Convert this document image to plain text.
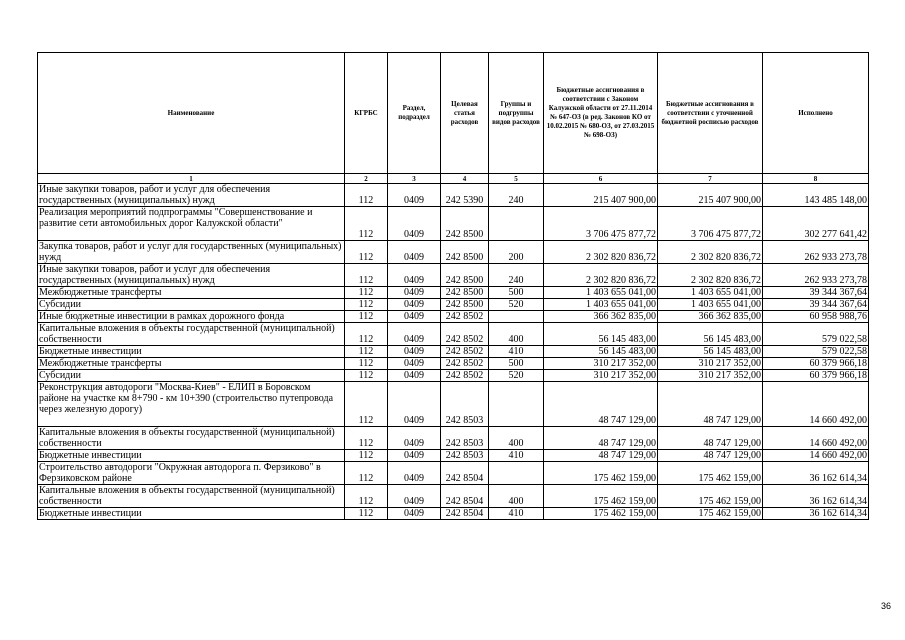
Наименование	КГРБС	Раздел, подраздел	Целевая статья расходов	Группы и подгруппы видов расходов	Бюджетные ассигнования в соответствии с Законом Калужской области от 27.11.2014 № 647-ОЗ (в ред. Законов КО от 10.02.2015 № 680-ОЗ, от 27.03.2015 № 698-ОЗ)	Бюджетные ассигнования в соответствии с уточненной бюджетной росписью расходов	Исполнено
1	2	3	4	5	6	7	8
Иные закупки товаров, работ и услуг для обеспечения государственных (муниципальных) нужд	112	0409	242 5390	240	215 407 900,00	215 407 900,00	143 485 148,00
Реализация мероприятий подпрограммы "Совершенствование и развитие сети автомобильных дорог Калужской области"	112	0409	242 8500		3 706 475 877,72	3 706 475 877,72	302 277 641,42
Закупка товаров, работ и услуг для государственных (муниципальных) нужд	112	0409	242 8500	200	2 302 820 836,72	2 302 820 836,72	262 933 273,78
Иные закупки товаров, работ и услуг для обеспечения государственных (муниципальных) нужд	112	0409	242 8500	240	2 302 820 836,72	2 302 820 836,72	262 933 273,78
Межбюджетные трансферты	112	0409	242 8500	500	1 403 655 041,00	1 403 655 041,00	39 344 367,64
Субсидии	112	0409	242 8500	520	1 403 655 041,00	1 403 655 041,00	39 344 367,64
Иные бюджетные инвестиции в рамках дорожного фонда	112	0409	242 8502		366 362 835,00	366 362 835,00	60 958 988,76
Капитальные вложения в объекты государственной (муниципальной) собственности	112	0409	242 8502	400	56 145 483,00	56 145 483,00	579 022,58
Бюджетные инвестиции	112	0409	242 8502	410	56 145 483,00	56 145 483,00	579 022,58
Межбюджетные трансферты	112	0409	242 8502	500	310 217 352,00	310 217 352,00	60 379 966,18
Субсидии	112	0409	242 8502	520	310 217 352,00	310 217 352,00	60 379 966,18
Реконструкция автодороги "Москва-Киев" - ЕЛИП в Боровском районе на участке км 8+790 - км 10+390 (строительство путепровода через железную дорогу)	112	0409	242 8503		48 747 129,00	48 747 129,00	14 660 492,00
Капитальные вложения в объекты государственной (муниципальной) собственности	112	0409	242 8503	400	48 747 129,00	48 747 129,00	14 660 492,00
Бюджетные инвестиции	112	0409	242 8503	410	48 747 129,00	48 747 129,00	14 660 492,00
Строительство автодороги "Окружная автодорога п. Ферзиково" в Ферзиковском районе	112	0409	242 8504		175 462 159,00	175 462 159,00	36 162 614,34
Капитальные вложения в объекты государственной (муниципальной) собственности	112	0409	242 8504	400	175 462 159,00	175 462 159,00	36 162 614,34
Бюджетные инвестиции	112	0409	242 8504	410	175 462 159,00	175 462 159,00	36 162 614,34
36
